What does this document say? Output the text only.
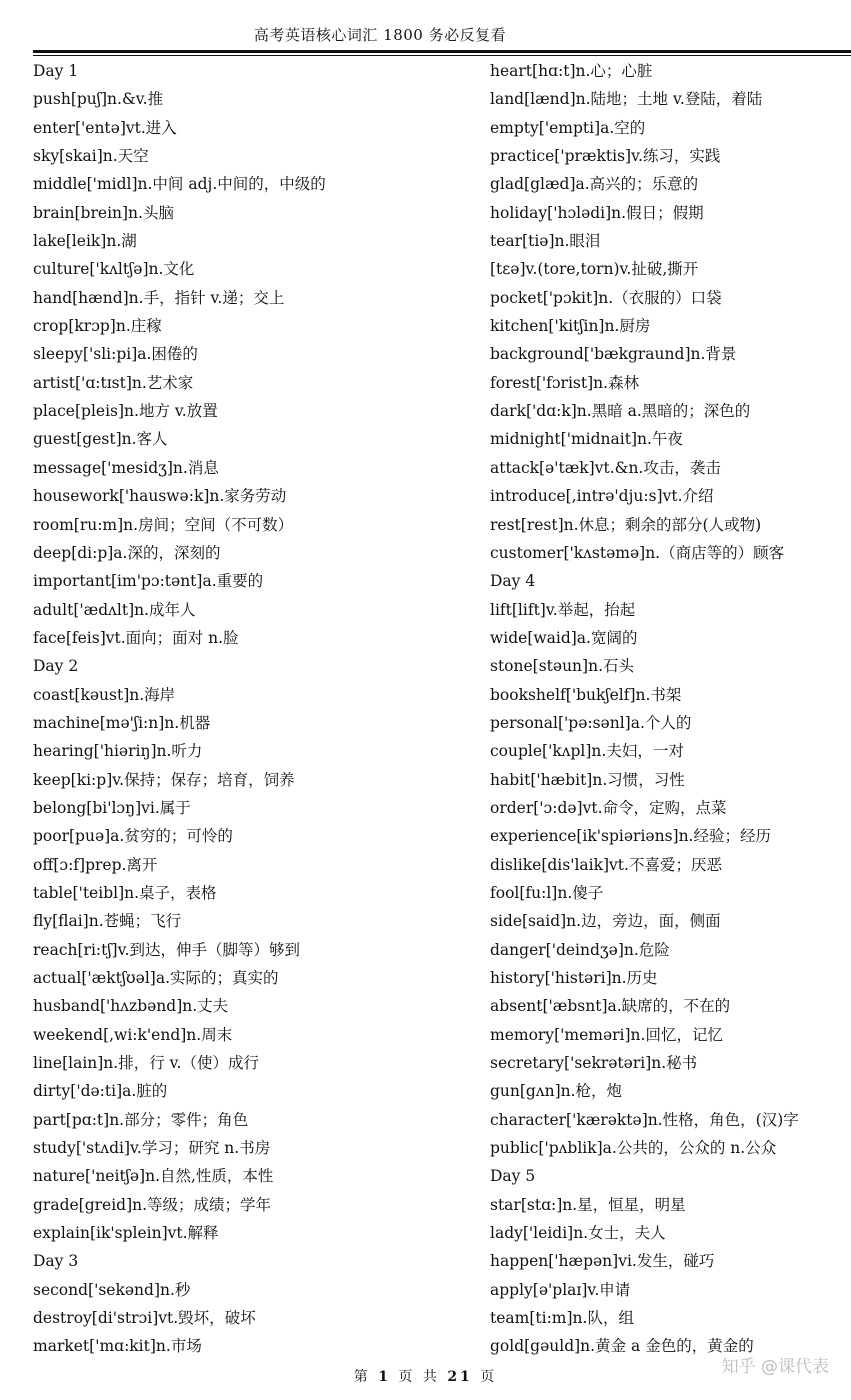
高考英语核心词汇 1800 务必反复看
Day 1
push[puʃ]n.&v.推
enter['entə]vt.进入
sky[skai]n.天空
middle['midl]n.中间 adj.中间的，中级的
brain[brein]n.头脑
lake[leik]n.湖
culture['kʌltʃə]n.文化
hand[hænd]n.手，指针 v.递；交上
crop[krɔp]n.庄稼
sleepy['sli:pi]a.困倦的
artist['ɑ:tɪst]n.艺术家
place[pleis]n.地方 v.放置
guest[gest]n.客人
message['mesidʒ]n.消息
housework['hauswə:k]n.家务劳动
room[ru:m]n.房间；空间（不可数）
deep[di:p]a.深的，深刻的
important[im'pɔ:tənt]a.重要的
adult['ædʌlt]n.成年人
face[feis]vt.面向；面对 n.脸
Day 2
coast[kəust]n.海岸
machine[mə'ʃi:n]n.机器
hearing['hiəriŋ]n.听力
keep[ki:p]v.保持；保存；培育，饲养
belong[bi'lɔŋ]vi.属于
poor[puə]a.贫穷的；可怜的
off[ɔ:f]prep.离开
table['teibl]n.桌子，表格
fly[flai]n.苍蝇；飞行
reach[ri:tʃ]v.到达，伸手（脚等）够到
actual['æktʃʊəl]a.实际的；真实的
husband['hʌzbənd]n.丈夫
weekend[,wi:k'end]n.周末
line[lain]n.排，行 v.（使）成行
dirty['də:ti]a.脏的
part[pɑ:t]n.部分；零件；角色
study['stʌdi]v.学习；研究 n.书房
nature['neitʃə]n.自然,性质，本性
grade[greid]n.等级；成绩；学年
explain[ik'splein]vt.解释
Day 3
second['sekənd]n.秒
destroy[di'strɔi]vt.毁坏，破坏
market['mɑ:kit]n.市场
heart[hɑ:t]n.心；心脏
land[lænd]n.陆地；土地 v.登陆，着陆
empty['empti]a.空的
practice['præktis]v.练习，实践
glad[glæd]a.高兴的；乐意的
holiday['hɔlədi]n.假日；假期
tear[tiə]n.眼泪
[tεə]v.(tore,torn)v.扯破,撕开
pocket['pɔkit]n.（衣服的）口袋
kitchen['kitʃin]n.厨房
background['bækgraund]n.背景
forest['fɔrist]n.森林
dark['dɑ:k]n.黑暗 a.黑暗的；深色的
midnight['midnait]n.午夜
attack[ə'tæk]vt.&n.攻击，袭击
introduce[,intrə'dju:s]vt.介绍
rest[rest]n.休息；剩余的部分(人或物)
customer['kʌstəmə]n.（商店等的）顾客
Day 4
lift[lift]v.举起，抬起
wide[waid]a.宽阔的
stone[stəun]n.石头
bookshelf['bukʃelf]n.书架
personal['pə:sənl]a.个人的
couple['kʌpl]n.夫妇，一对
habit['hæbit]n.习惯，习性
order['ɔ:də]vt.命令，定购，点菜
experience[ik'spiəriəns]n.经验；经历
dislike[dis'laik]vt.不喜爱；厌恶
fool[fu:l]n.傻子
side[said]n.边，旁边，面，侧面
danger['deindʒə]n.危险
history['histəri]n.历史
absent['æbsnt]a.缺席的，不在的
memory['meməri]n.回忆，记忆
secretary['sekrətəri]n.秘书
gun[gʌn]n.枪，炮
character['kærəktə]n.性格，角色，(汉)字
public['pʌblik]a.公共的，公众的 n.公众
Day 5
star[stɑ:]n.星，恒星，明星
lady['leidi]n.女士，夫人
happen['hæpən]vi.发生，碰巧
apply[ə'plaɪ]v.申请
team[ti:m]n.队，组
gold[gəuld]n.黄金 a 金色的，黄金的
第 1 页 共 21 页	知乎 @课代表
